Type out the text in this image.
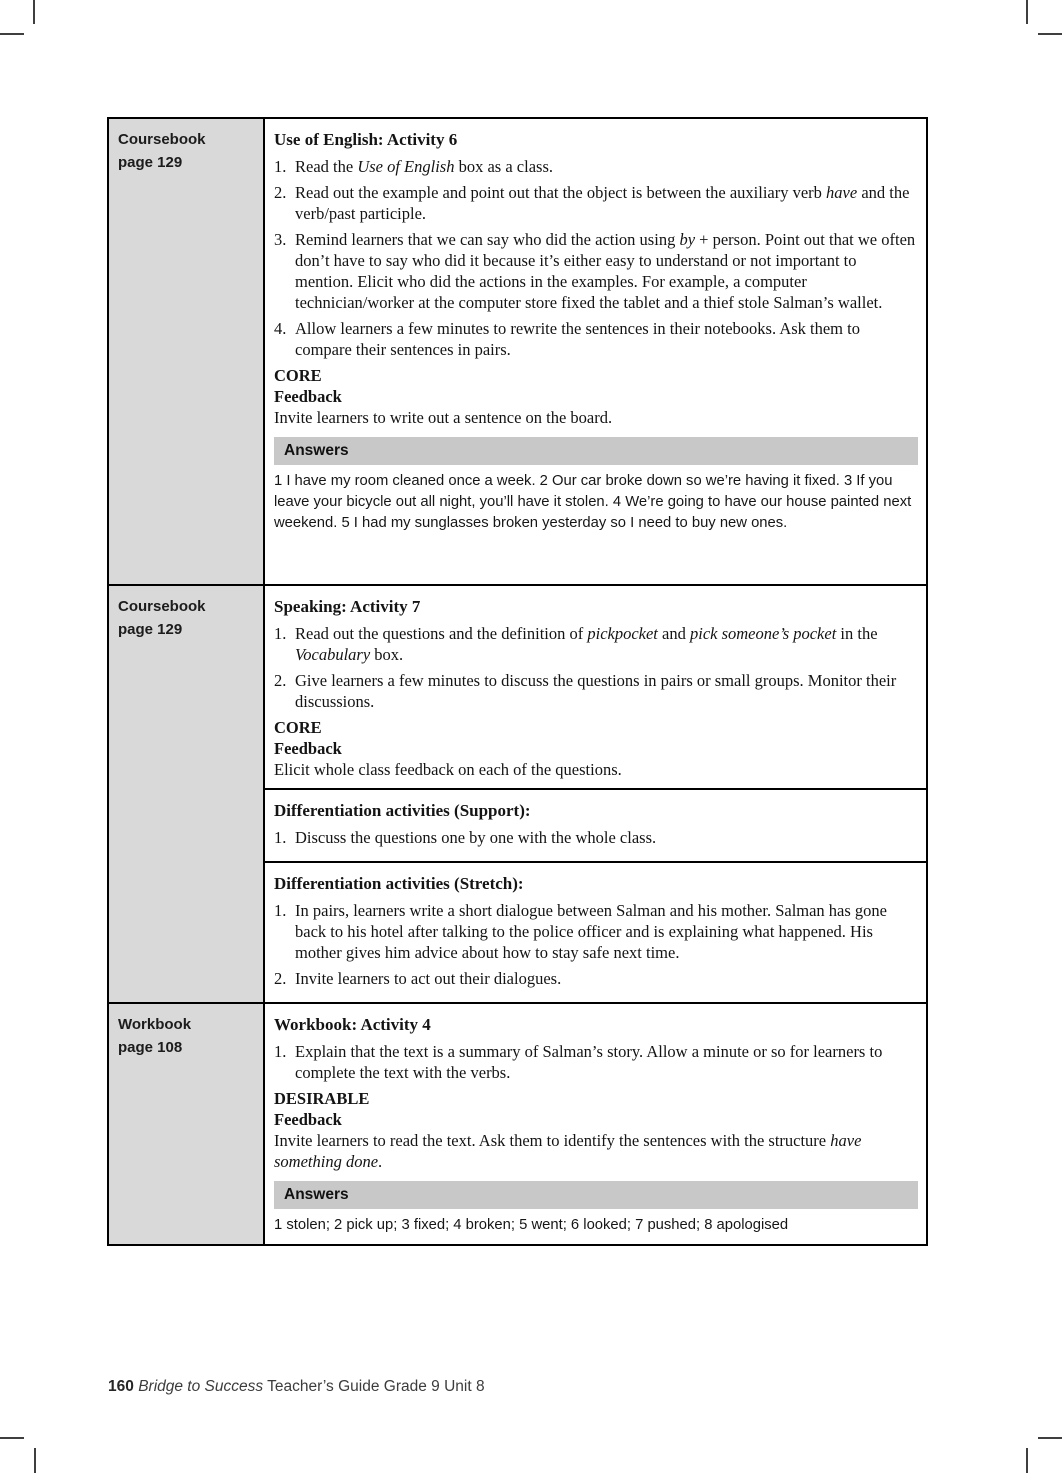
Coursebook
page 129
Use of English: Activity 6
1. Read the Use of English box as a class.
2. Read out the example and point out that the object is between the auxiliary verb have and the verb/past participle.
3. Remind learners that we can say who did the action using by + person. Point out that we often don’t have to say who did it because it’s either easy to understand or not important to mention. Elicit who did the actions in the examples. For example, a computer technician/worker at the computer store fixed the tablet and a thief stole Salman’s wallet.
4. Allow learners a few minutes to rewrite the sentences in their notebooks. Ask them to compare their sentences in pairs.
CORE
Feedback
Invite learners to write out a sentence on the board.
Answers
1 I have my room cleaned once a week. 2 Our car broke down so we’re having it fixed. 3 If you leave your bicycle out all night, you’ll have it stolen. 4 We’re going to have our house painted next weekend. 5 I had my sunglasses broken yesterday so I need to buy new ones.
Coursebook
page 129
Speaking: Activity 7
1. Read out the questions and the definition of pickpocket and pick someone’s pocket in the Vocabulary box.
2. Give learners a few minutes to discuss the questions in pairs or small groups. Monitor their discussions.
CORE
Feedback
Elicit whole class feedback on each of the questions.
Differentiation activities (Support):
1. Discuss the questions one by one with the whole class.
Differentiation activities (Stretch):
1. In pairs, learners write a short dialogue between Salman and his mother. Salman has gone back to his hotel after talking to the police officer and is explaining what happened. His mother gives him advice about how to stay safe next time.
2. Invite learners to act out their dialogues.
Workbook
page 108
Workbook: Activity 4
1. Explain that the text is a summary of Salman’s story. Allow a minute or so for learners to complete the text with the verbs.
DESIRABLE
Feedback
Invite learners to read the text. Ask them to identify the sentences with the structure have something done.
Answers
1 stolen; 2 pick up; 3 fixed; 4 broken; 5 went; 6 looked; 7 pushed; 8 apologised
160 Bridge to Success Teacher’s Guide Grade 9 Unit 8
